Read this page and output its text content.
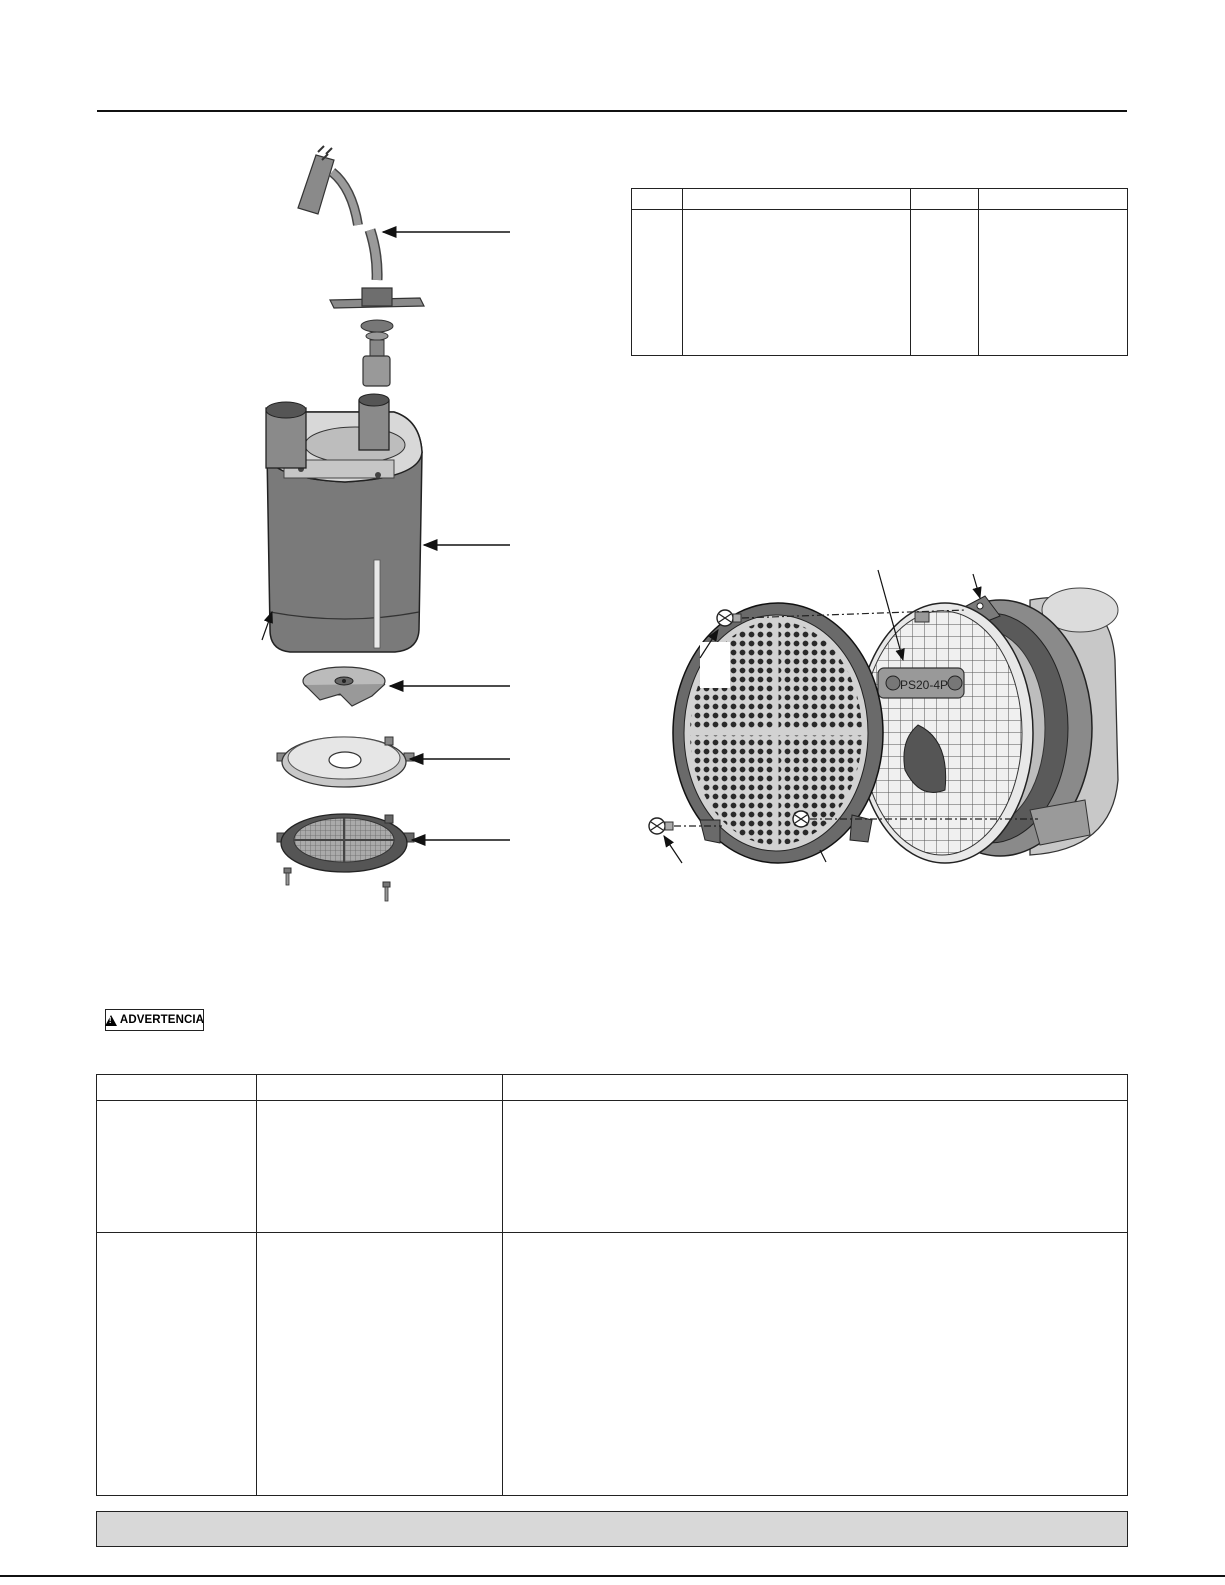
PS20-4P
!
ADVERTENCIA
